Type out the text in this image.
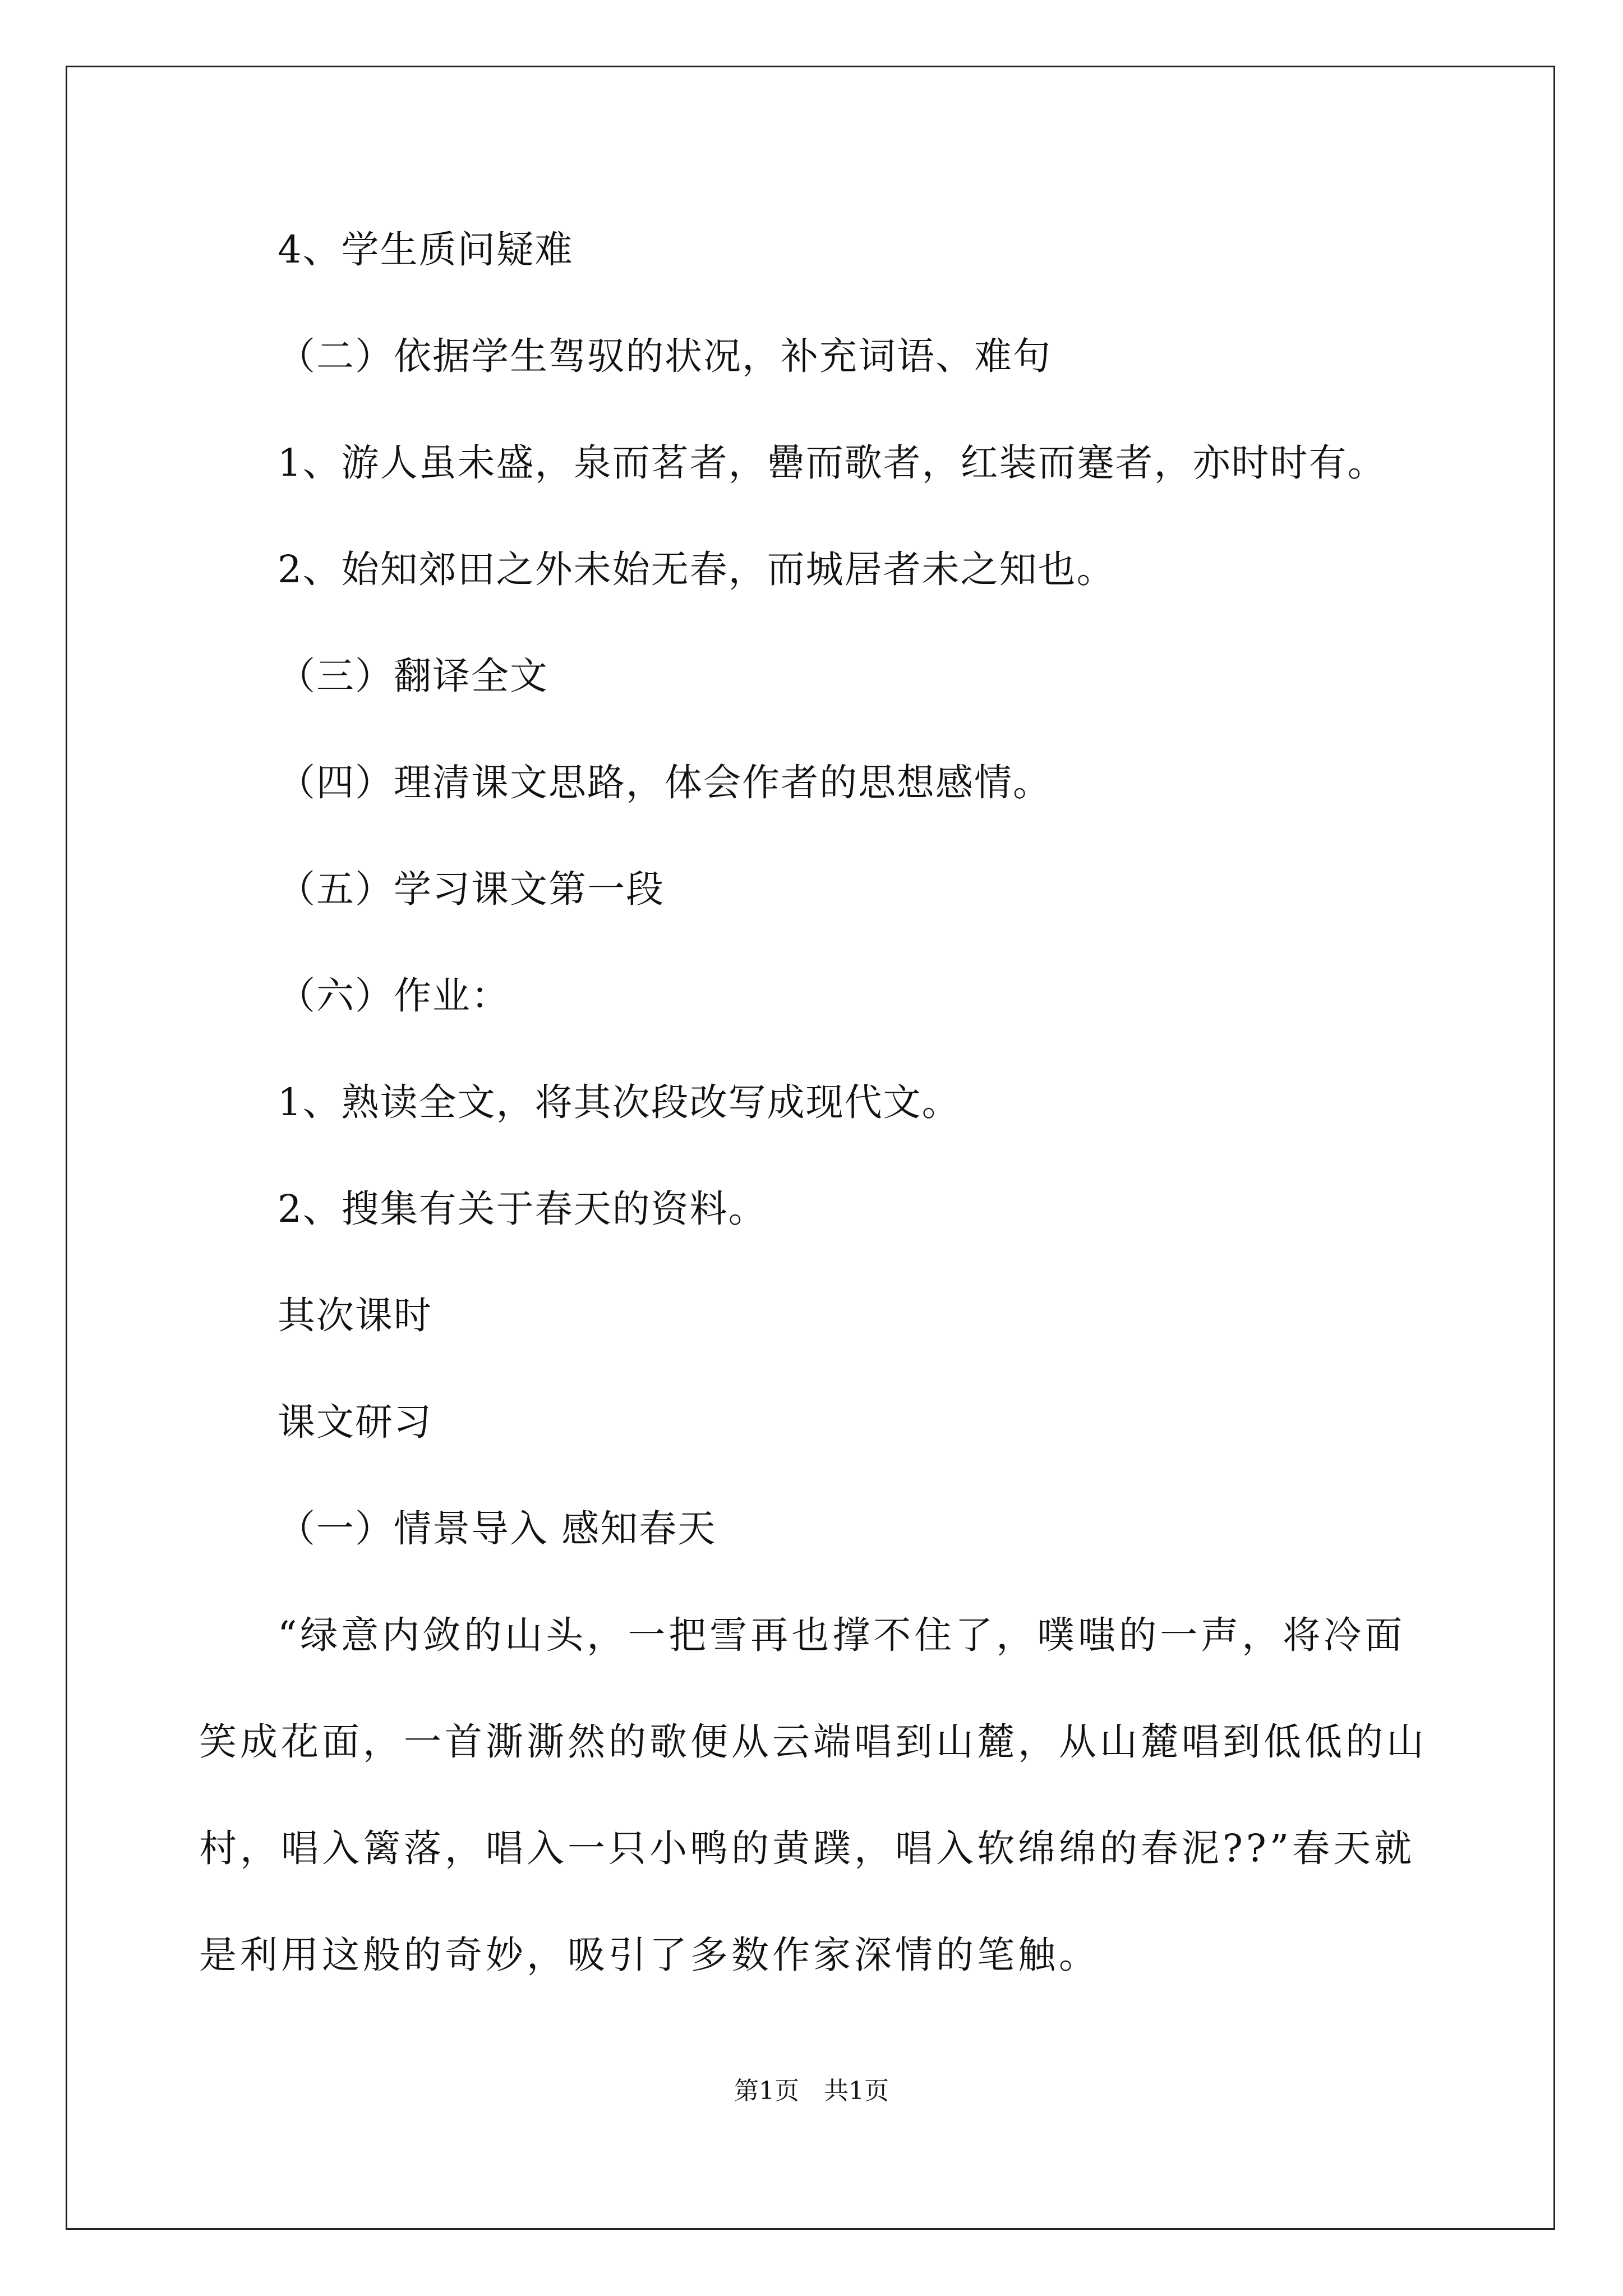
4、学生质问疑难
（二）依据学生驾驭的状况，补充词语、难句
1、游人虽未盛，泉而茗者，罍而歌者，红装而蹇者，亦时时有。
2、始知郊田之外未始无春，而城居者未之知也。
（三）翻译全文
（四）理清课文思路，体会作者的思想感情。
（五）学习课文第一段
（六）作业：
1、熟读全文，将其次段改写成现代文。
2、搜集有关于春天的资料。
其次课时
课文研习
（一）情景导入 感知春天
“绿意内敛的山头，一把雪再也撑不住了，噗嗤的一声，将冷面
笑成花面，一首澌澌然的歌便从云端唱到山麓，从山麓唱到低低的山
村，唱入篱落，唱入一只小鸭的黄蹼，唱入软绵绵的春泥??”春天就
是利用这般的奇妙，吸引了多数作家深情的笔触。
第1页　共1页
